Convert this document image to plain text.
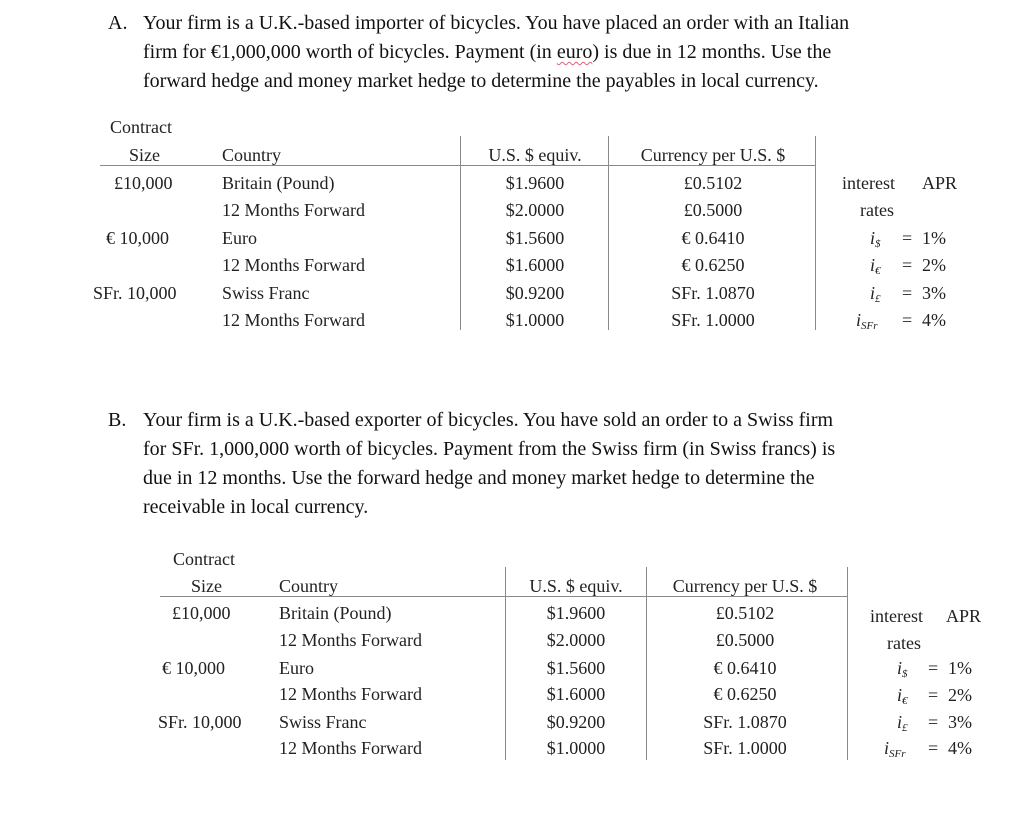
A. Your firm is a U.K.-based importer of bicycles. You have placed an order with an Italian
firm for €1,000,000 worth of bicycles. Payment (in euro) is due in 12 months. Use the
forward hedge and money market hedge to determine the payables in local currency.
Contract
Size	Country	U.S. $ equiv.	Currency per U.S. $
£10,000	Britain (Pound)	$1.9600	£0.5102
12 Months Forward	$2.0000	£0.5000
€ 10,000	Euro	$1.5600	€ 0.6410
12 Months Forward	$1.6000	€ 0.6250
SFr. 10,000	Swiss Franc	$0.9200	SFr. 1.0870
12 Months Forward	$1.0000	SFr. 1.0000
interest APR
rates
$i_{\$} = 1\%$
$i_€ = 2\%$
$i_£ = 3\%$
$i_{SFr} = 4\%$
B. Your firm is a U.K.-based exporter of bicycles. You have sold an order to a Swiss firm
for SFr. 1,000,000 worth of bicycles. Payment from the Swiss firm (in Swiss francs) is
due in 12 months. Use the forward hedge and money market hedge to determine the
receivable in local currency.
Contract
Size	Country	U.S. $ equiv.	Currency per U.S. $
£10,000	Britain (Pound)	$1.9600	£0.5102
12 Months Forward	$2.0000	£0.5000
€ 10,000	Euro	$1.5600	€ 0.6410
12 Months Forward	$1.6000	€ 0.6250
SFr. 10,000 Swiss Franc	$0.9200	SFr. 1.0870
12 Months Forward	$1.0000	SFr. 1.0000
interest APR
rates
$i_{\$} = 1\%$
$i_€ = 2\%$
$i_£ = 3\%$
$i_{SFr} = 4\%$
